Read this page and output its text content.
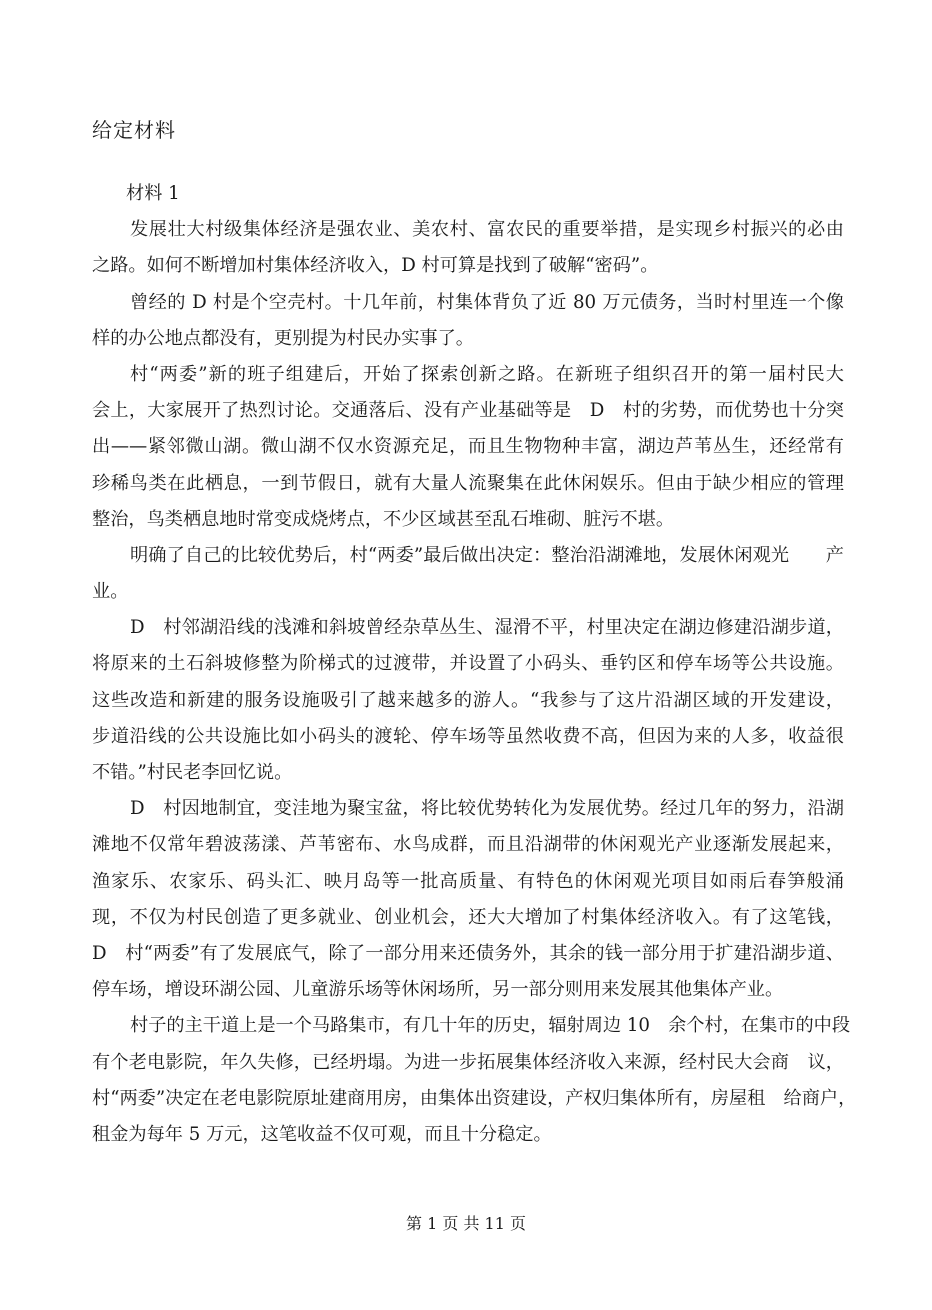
给定材料
材料 1
发展壮大村级集体经济是强农业、美农村、富农民的重要举措，是实现乡村振兴的必由
之路。如何不断增加村集体经济收入，D 村可算是找到了破解“密码”。
曾经的 D 村是个空壳村。十几年前，村集体背负了近 80 万元债务，当时村里连一个像
样的办公地点都没有，更别提为村民办实事了。
村“两委”新的班子组建后，开始了探索创新之路。在新班子组织召开的第一届村民大
会上，大家展开了热烈讨论。交通落后、没有产业基础等是　D　村的劣势，而优势也十分突
出——紧邻微山湖。微山湖不仅水资源充足，而且生物物种丰富，湖边芦苇丛生，还经常有
珍稀鸟类在此栖息，一到节假日，就有大量人流聚集在此休闲娱乐。但由于缺少相应的管理
整治，鸟类栖息地时常变成烧烤点，不少区域甚至乱石堆砌、脏污不堪。
明确了自己的比较优势后，村“两委”最后做出决定：整治沿湖滩地，发展休闲观光　　产
业。
D　村邻湖沿线的浅滩和斜坡曾经杂草丛生、湿滑不平，村里决定在湖边修建沿湖步道，
将原来的土石斜坡修整为阶梯式的过渡带，并设置了小码头、垂钓区和停车场等公共设施。
这些改造和新建的服务设施吸引了越来越多的游人。“我参与了这片沿湖区域的开发建设，
步道沿线的公共设施比如小码头的渡轮、停车场等虽然收费不高，但因为来的人多，收益很
不错。”村民老李回忆说。
D　村因地制宜，变洼地为聚宝盆，将比较优势转化为发展优势。经过几年的努力，沿湖
滩地不仅常年碧波荡漾、芦苇密布、水鸟成群，而且沿湖带的休闲观光产业逐渐发展起来，
渔家乐、农家乐、码头汇、映月岛等一批高质量、有特色的休闲观光项目如雨后春笋般涌
现，不仅为村民创造了更多就业、创业机会，还大大增加了村集体经济收入。有了这笔钱，
D　村“两委”有了发展底气，除了一部分用来还债务外，其余的钱一部分用于扩建沿湖步道、
停车场，增设环湖公园、儿童游乐场等休闲场所，另一部分则用来发展其他集体产业。
村子的主干道上是一个马路集市，有几十年的历史，辐射周边 10　余个村，在集市的中段
有个老电影院，年久失修，已经坍塌。为进一步拓展集体经济收入来源，经村民大会商　议，
村“两委”决定在老电影院原址建商用房，由集体出资建设，产权归集体所有，房屋租　给商户，
租金为每年 5 万元，这笔收益不仅可观，而且十分稳定。
第 1 页 共 11 页
